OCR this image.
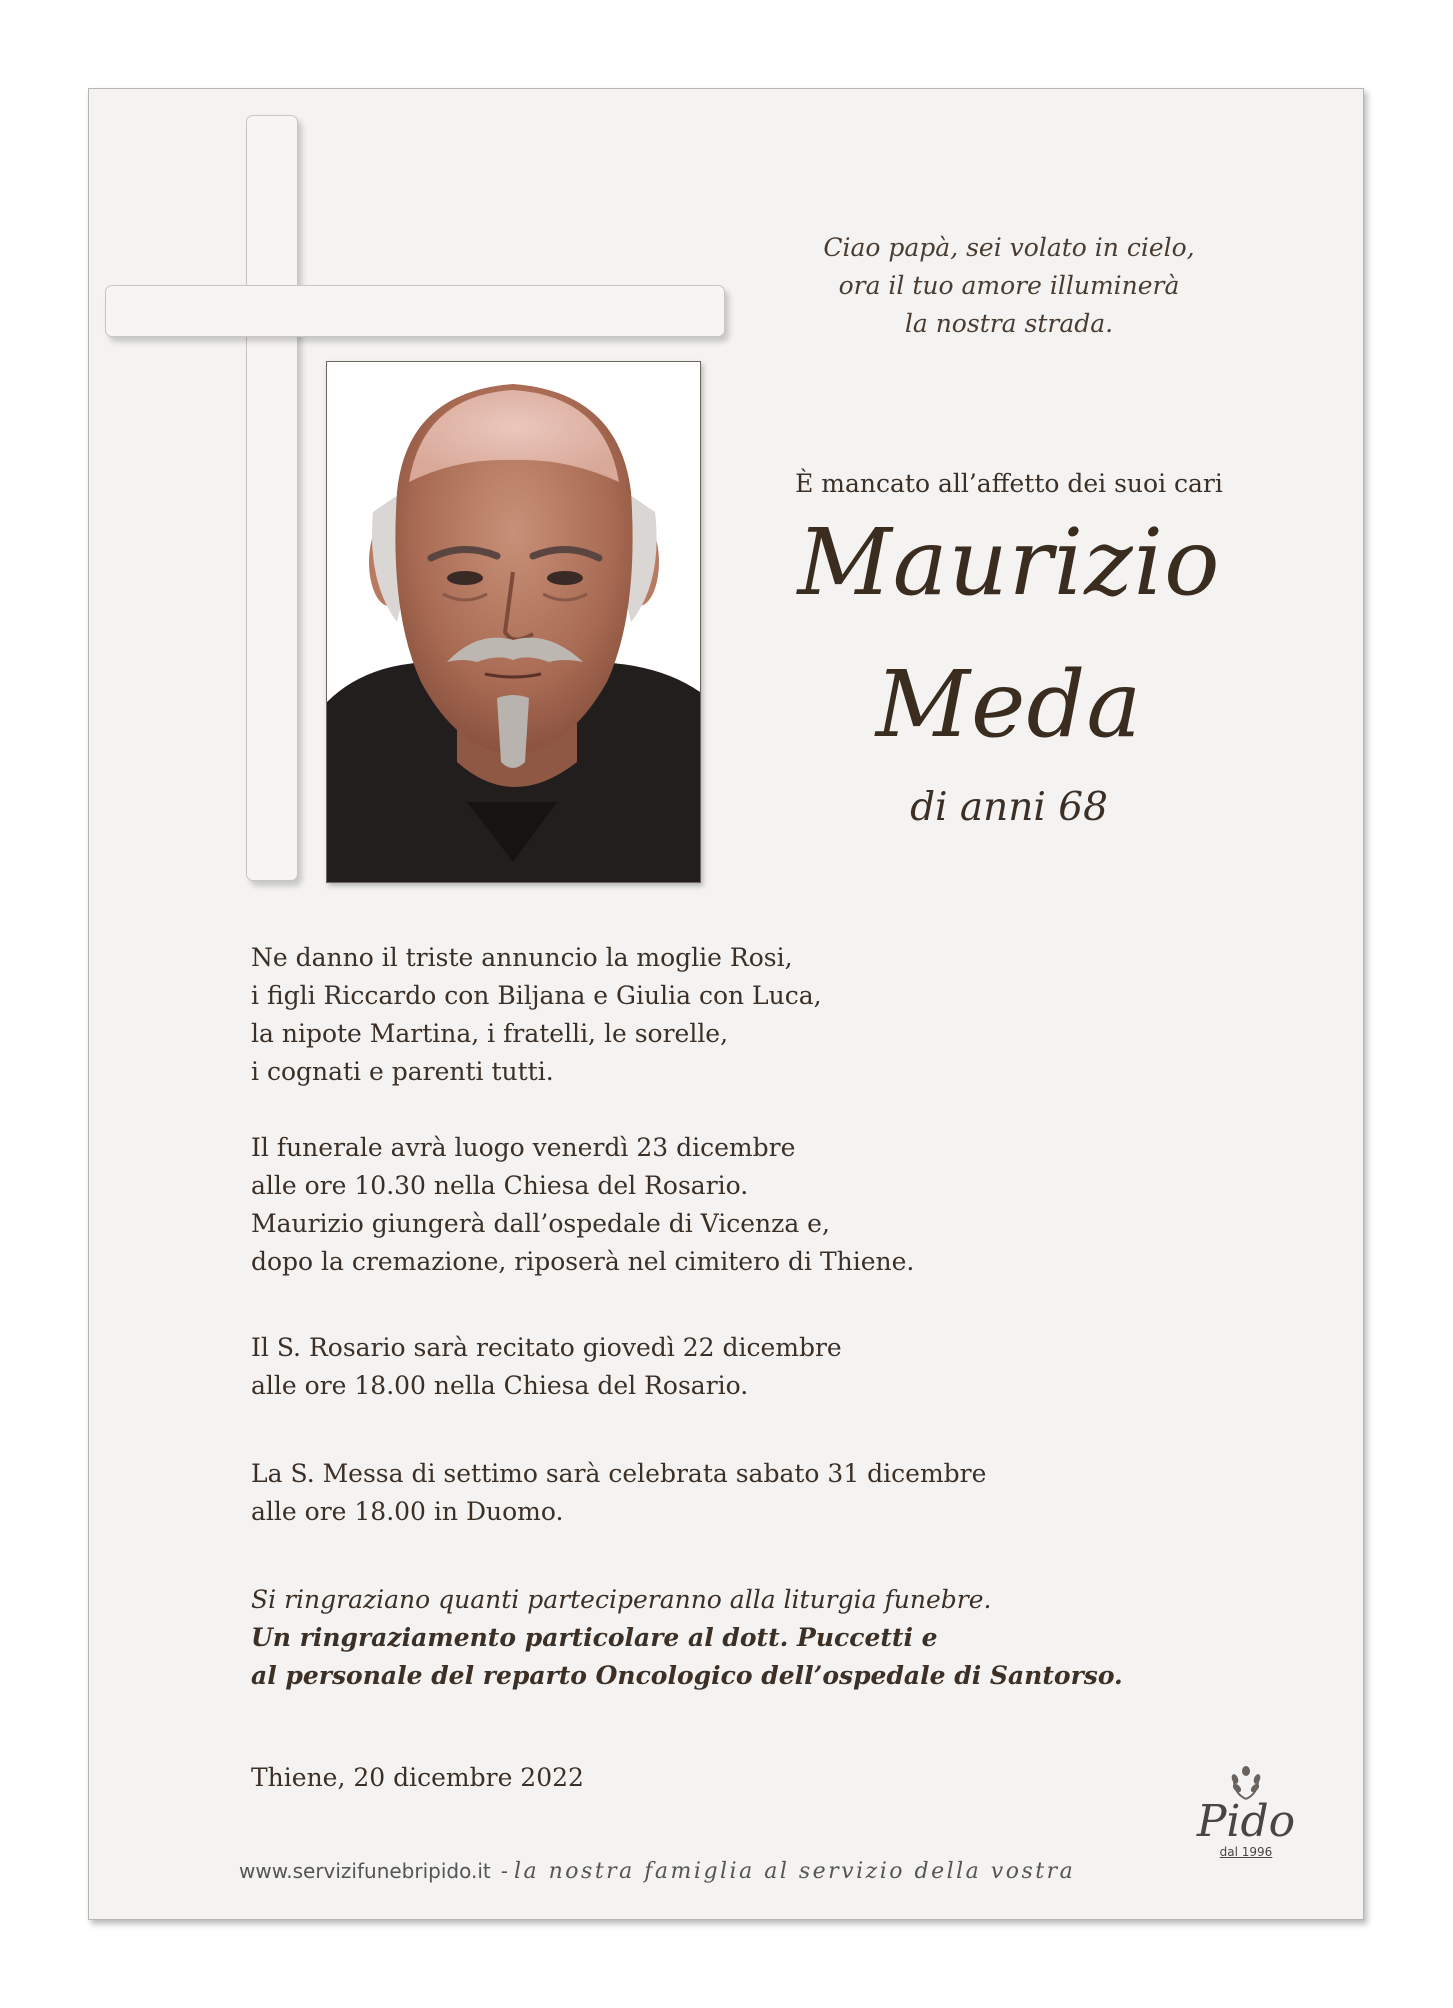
Ciao papà, sei volato in cielo,
ora il tuo amore illuminerà
la nostra strada.
È mancato all’affetto dei suoi cari
Maurizio
Meda
di anni 68
Ne danno il triste annuncio la moglie Rosi,
i figli Riccardo con Biljana e Giulia con Luca,
la nipote Martina, i fratelli, le sorelle,
i cognati e parenti tutti.
Il funerale avrà luogo venerdì 23 dicembre
alle ore 10.30 nella Chiesa del Rosario.
Maurizio giungerà dall’ospedale di Vicenza e,
dopo la cremazione, riposerà nel cimitero di Thiene.
Il S. Rosario sarà recitato giovedì 22 dicembre
alle ore 18.00 nella Chiesa del Rosario.
La S. Messa di settimo sarà celebrata sabato 31 dicembre
alle ore 18.00 in Duomo.
Si ringraziano quanti parteciperanno alla liturgia funebre.
Un ringraziamento particolare al dott. Puccetti e
al personale del reparto Oncologico dell’ospedale di Santorso.
Thiene, 20 dicembre 2022
www.servizifunebripido.it - la nostra famiglia al servizio della vostra
Pido
dal 1996
